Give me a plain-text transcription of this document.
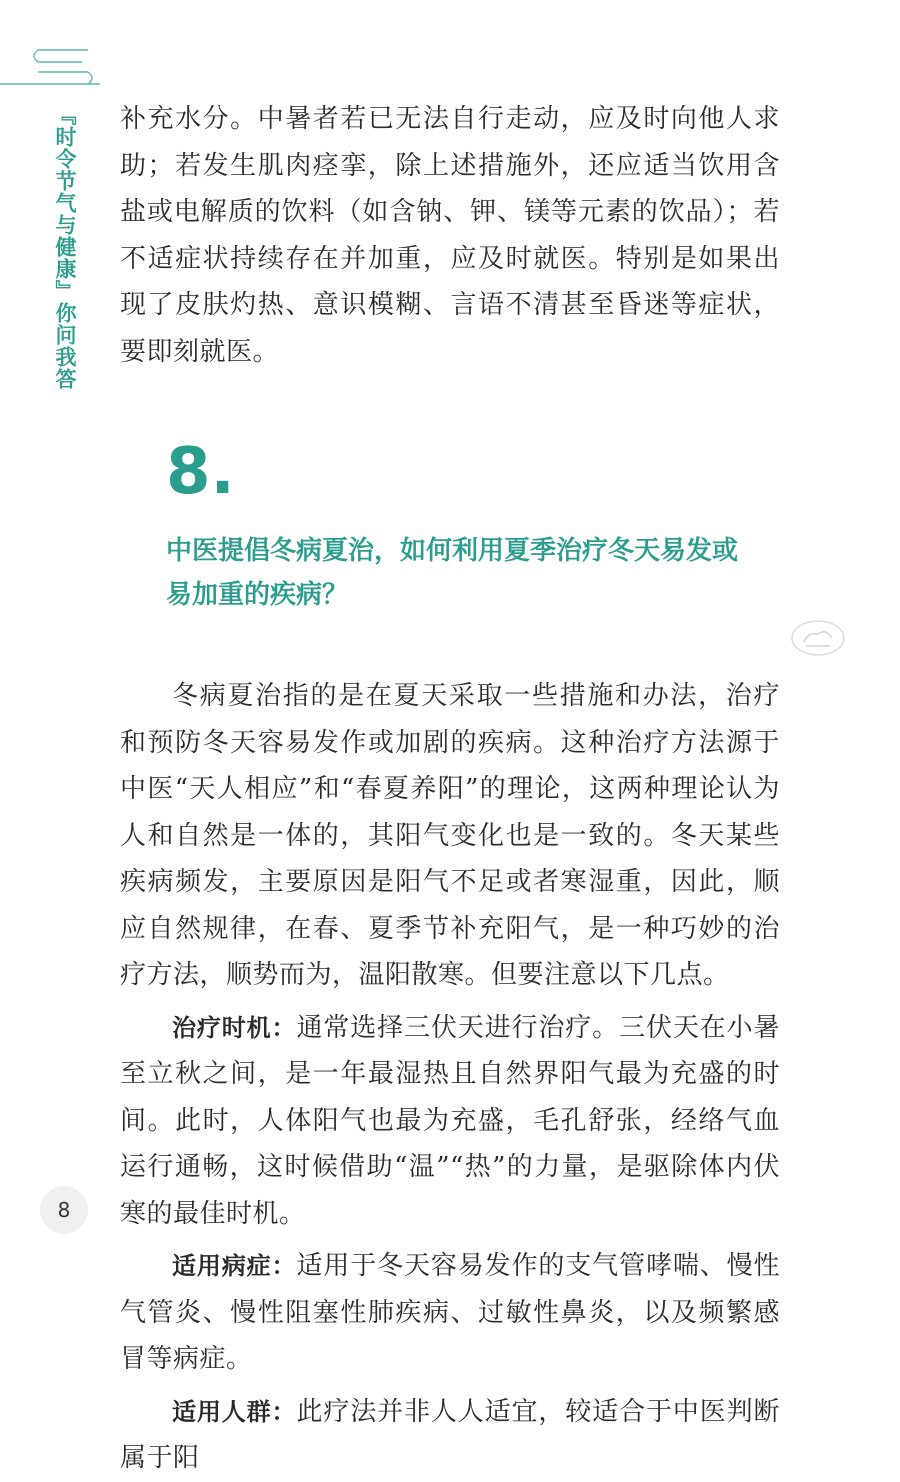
『时令节气与健康』你问我答 补充水分。中暑者若已无法自行走动，应及时向他人求助；若发生肌肉痉挛，除上述措施外，还应适当饮用含盐或电解质的饮料（如含钠、钾、镁等元素的饮品）；若不适症状持续存在并加重，应及时就医。特别是如果出现了皮肤灼热、意识模糊、言语不清甚至昏迷等症状，要即刻就医。

8.
中医提倡冬病夏治，如何利用夏季治疗冬天易发或
易加重的疾病？

冬病夏治指的是在夏天采取一些措施和办法，治疗和预防冬天容易发作或加剧的疾病。这种治疗方法源于中医“天人相应”和“春夏养阳”的理论，这两种理论认为人和自然是一体的，其阳气变化也是一致的。冬天某些疾病频发，主要原因是阳气不足或者寒湿重，因此，顺应自然规律，在春、夏季节补充阳气，是一种巧妙的治疗方法，顺势而为，温阳散寒。但要注意以下几点。

治疗时机：通常选择三伏天进行治疗。三伏天在小暑至立秋之间，是一年最湿热且自然界阳气最为充盛的时间。此时，人体阳气也最为充盛，毛孔舒张，经络气血运行通畅，这时候借助“温”“热”的力量，是驱除体内伏寒的最佳时机。

适用病症：适用于冬天容易发作的支气管哮喘、慢性气管炎、慢性阻塞性肺疾病、过敏性鼻炎，以及频繁感冒等病症。

适用人群：此疗法并非人人适宜，较适合于中医判断属于阳

8
